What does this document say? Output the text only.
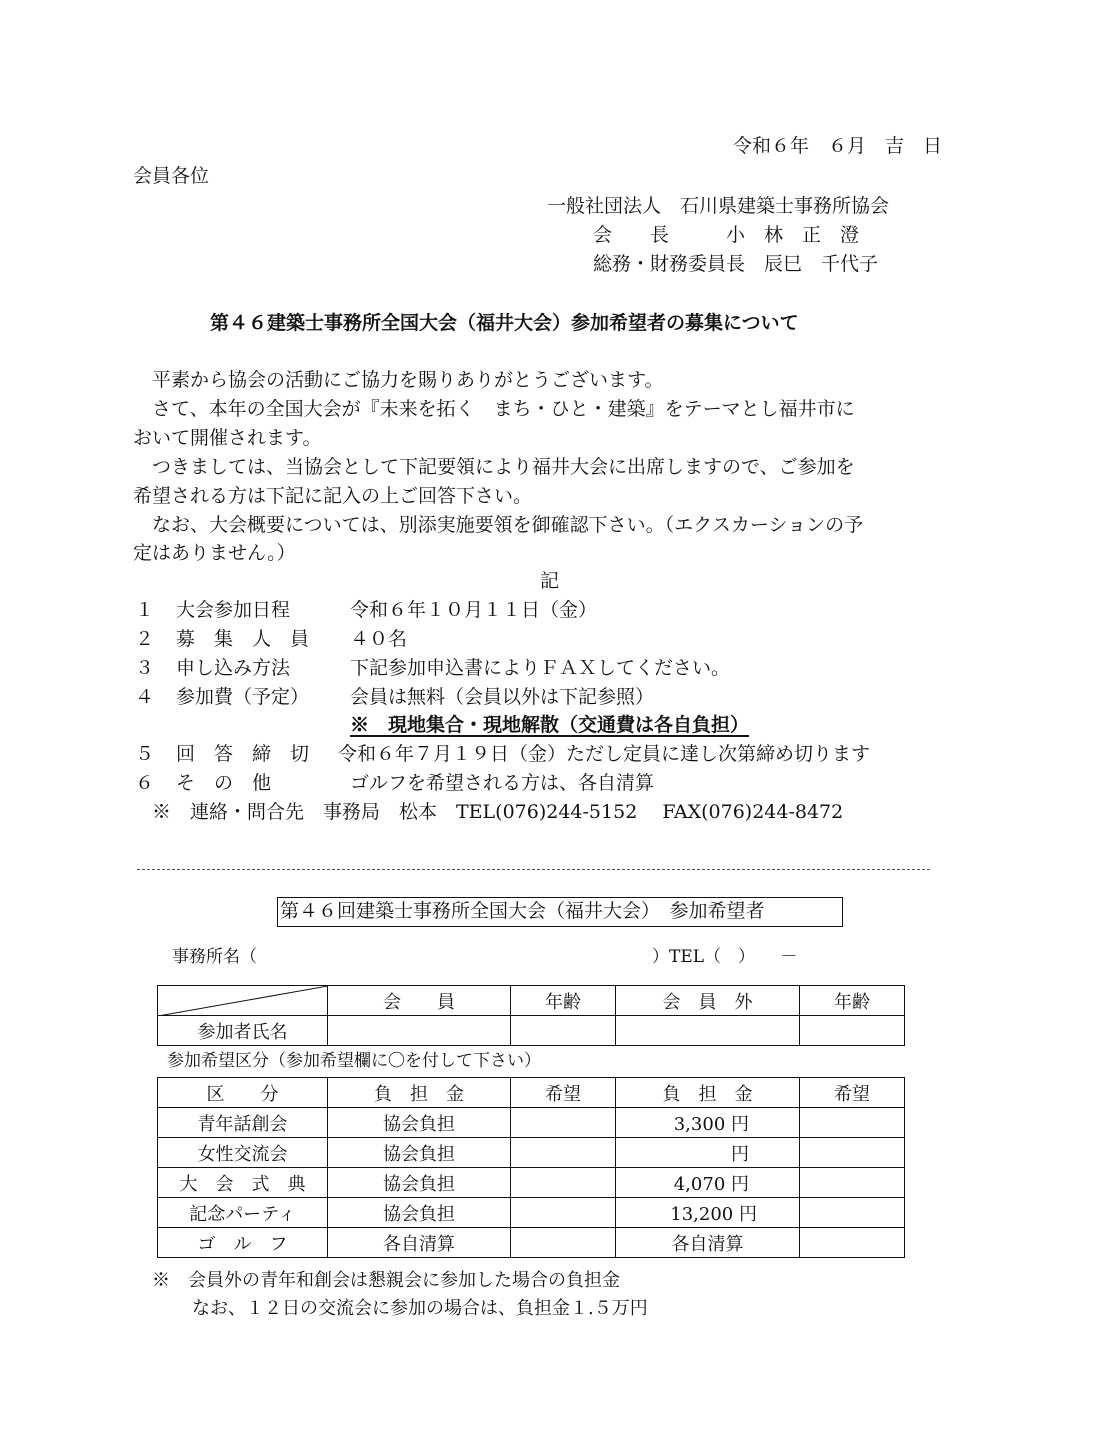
令和６年　６月　吉　日
会員各位
一般社団法人　石川県建築士事務所協会
会　　長　　　小　林　正　澄
総務・財務委員長　辰巳　千代子
第４６建築士事務所全国大会（福井大会）参加希望者の募集について
平素から協会の活動にご協力を賜りありがとうございます。
さて、本年の全国大会が『未来を拓く　まち・ひと・建築』をテーマとし福井市に
おいて開催されます。
つきましては、当協会として下記要領により福井大会に出席しますので、ご参加を
希望される方は下記に記入の上ご回答下さい。
なお、大会概要については、別添実施要領を御確認下さい。（エクスカーションの予
定はありません。）
記
１ 大会参加日程	令和６年１０月１１日（金）
２ 募　集　人　員 ４０名
３ 申し込み方法	下記参加申込書によりＦＡＸしてください。
４ 参加費（予定） 会員は無料（会員以外は下記参照）
※　現地集合・現地解散（交通費は各自負担）
５ 回　答　締　切 令和６年７月１９日（金）ただし定員に達し次第締め切ります
６ そ　の　他	ゴルフを希望される方は、各自清算
※　連絡・問合先　事務局　松本　TEL(076)244-5152　 FAX(076)244-8472
第４６回建築士事務所全国大会（福井大会）　参加希望者
事務所名（	）TEL（　）　　－
	会　　員	年齢	会　員　外	年齢
参加者氏名				
参加希望区分（参加希望欄に〇を付して下さい）
区　　分	負　担　金	希望	負　担　金	希望
青年話創会	協会負担		3,300 円	
女性交流会	協会負担		円	
大　会　式　典	協会負担		4,070 円	
記念パーティ	協会負担		13,200 円	
ゴ　ル　フ	各自清算		各自清算	
※　会員外の青年和創会は懇親会に参加した場合の負担金
なお、１２日の交流会に参加の場合は、負担金１.５万円
